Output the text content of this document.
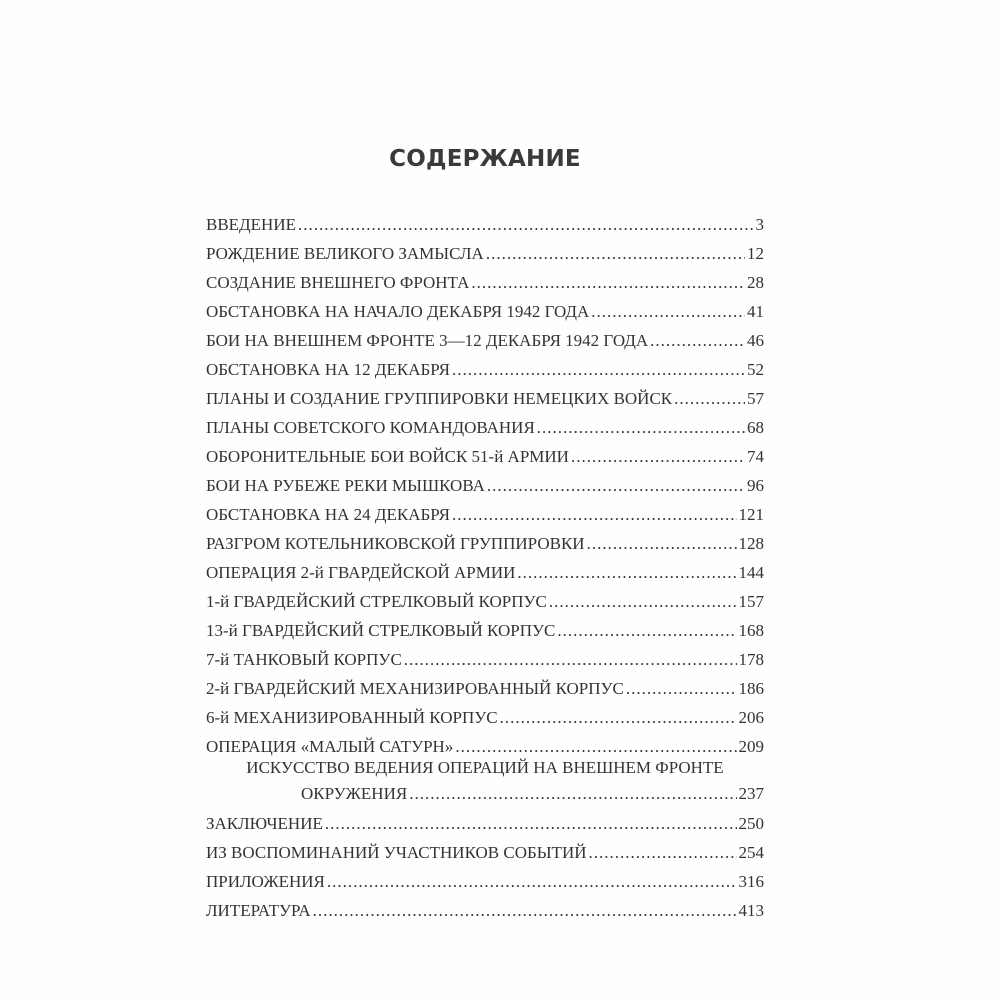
СОДЕРЖАНИЕ
ВВЕДЕНИЕ .....	3
РОЖДЕНИЕ ВЕЛИКОГО ЗАМЫСЛА .....	12
СОЗДАНИЕ ВНЕШНЕГО ФРОНТА .....	28
ОБСТАНОВКА НА НАЧАЛО ДЕКАБРЯ 1942 ГОДА .....	41
БОИ НА ВНЕШНЕМ ФРОНТЕ 3—12 ДЕКАБРЯ 1942 ГОДА .....	46
ОБСТАНОВКА НА 12 ДЕКАБРЯ .....	52
ПЛАНЫ И СОЗДАНИЕ ГРУППИРОВКИ НЕМЕЦКИХ ВОЙСК .....	57
ПЛАНЫ СОВЕТСКОГО КОМАНДОВАНИЯ .....	68
ОБОРОНИТЕЛЬНЫЕ БОИ ВОЙСК 51-й АРМИИ .....	74
БОИ НА РУБЕЖЕ РЕКИ МЫШКОВА .....	96
ОБСТАНОВКА НА 24 ДЕКАБРЯ .....	121
РАЗГРОМ КОТЕЛЬНИКОВСКОЙ ГРУППИРОВКИ .....	128
ОПЕРАЦИЯ 2-й ГВАРДЕЙСКОЙ АРМИИ .....	144
1-й ГВАРДЕЙСКИЙ СТРЕЛКОВЫЙ КОРПУС .....	157
13-й ГВАРДЕЙСКИЙ СТРЕЛКОВЫЙ КОРПУС .....	168
7-й ТАНКОВЫЙ КОРПУС .....	178
2-й ГВАРДЕЙСКИЙ МЕХАНИЗИРОВАННЫЙ КОРПУС .....	186
6-й МЕХАНИЗИРОВАННЫЙ КОРПУС .....	206
ОПЕРАЦИЯ «МАЛЫЙ САТУРН» .....	209
ИСКУССТВО ВЕДЕНИЯ ОПЕРАЦИЙ НА ВНЕШНЕМ ФРОНТЕ
ОКРУЖЕНИЯ .....	237
ЗАКЛЮЧЕНИЕ .....	250
ИЗ ВОСПОМИНАНИЙ УЧАСТНИКОВ СОБЫТИЙ .....	254
ПРИЛОЖЕНИЯ .....	316
ЛИТЕРАТУРА .....	413
